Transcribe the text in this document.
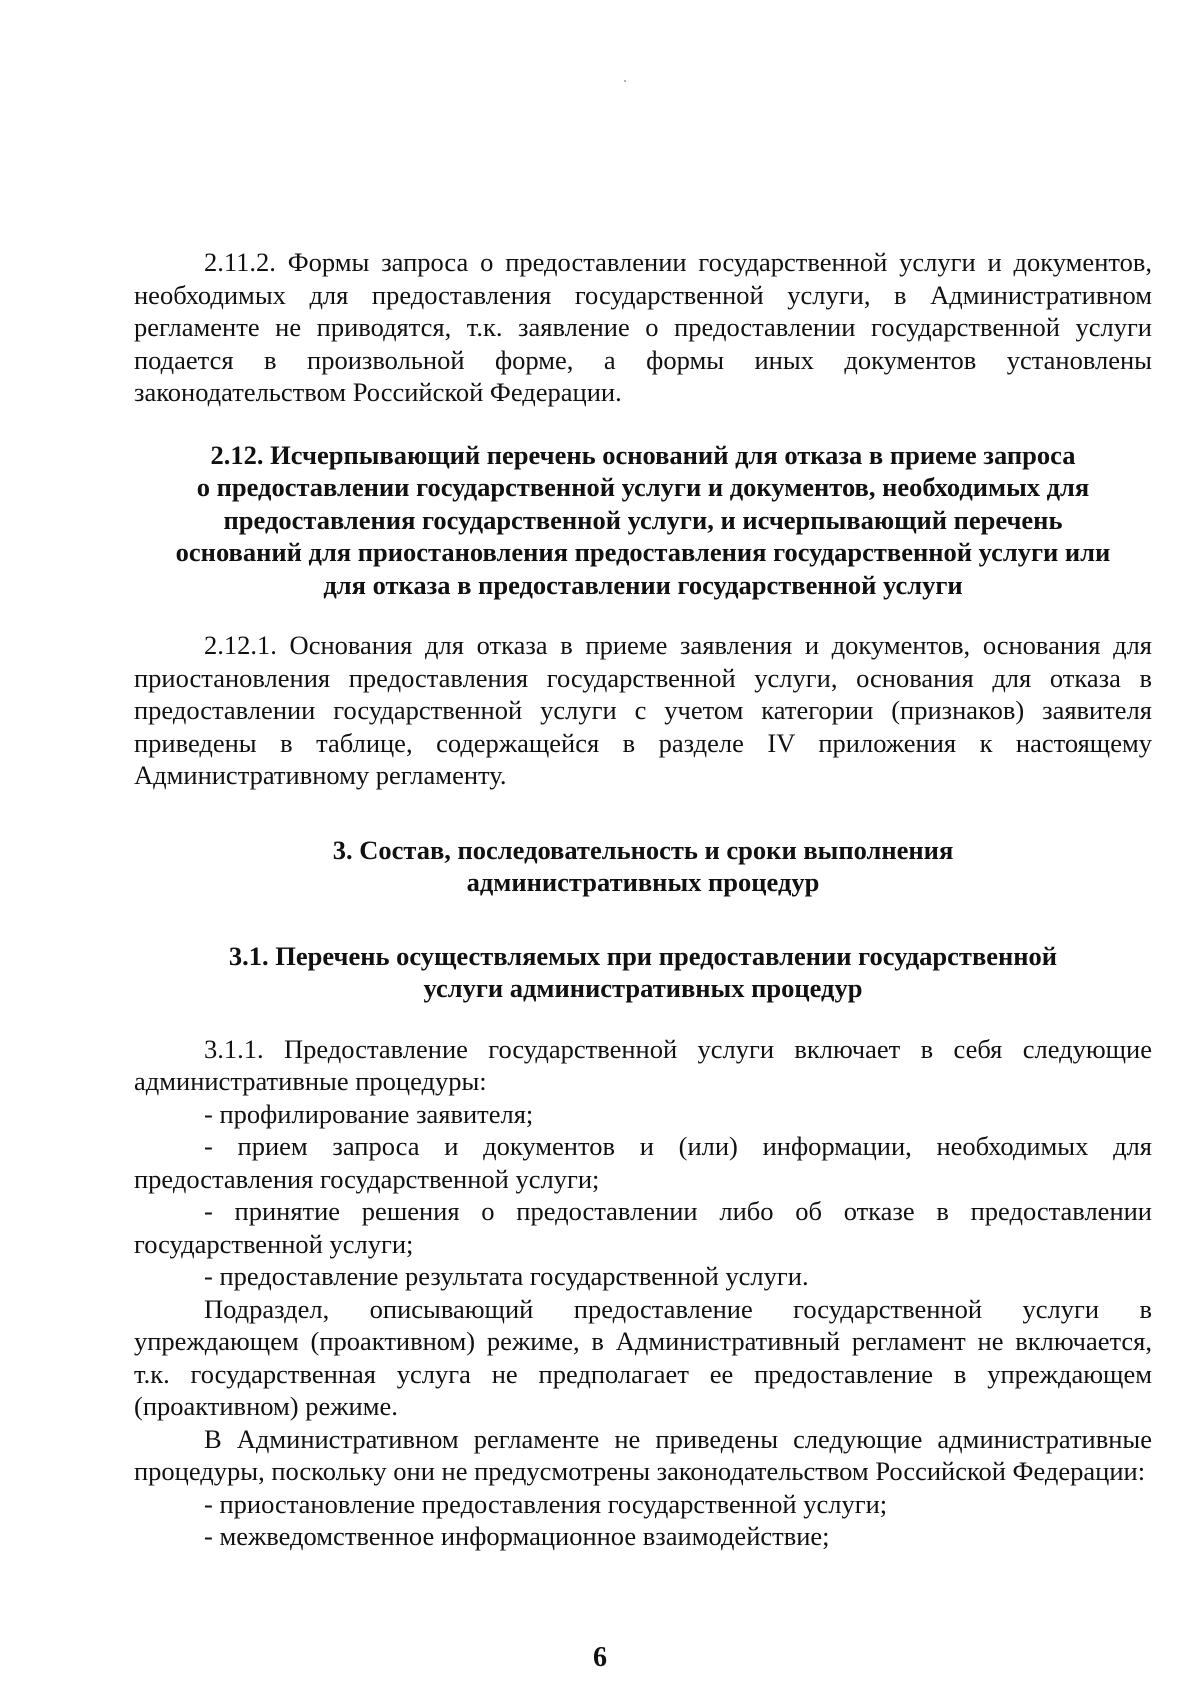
2.11.2. Формы запроса о предоставлении государственной услуги и документов, необходимых для предоставления государственной услуги, в Административном регламенте не приводятся, т.к. заявление о предоставлении государственной услуги подается в произвольной форме, а формы иных документов установлены законодательством Российской Федерации.

2.12. Исчерпывающий перечень оснований для отказа в приеме запроса
о предоставлении государственной услуги и документов, необходимых для
предоставления государственной услуги, и исчерпывающий перечень
оснований для приостановления предоставления государственной услуги или
для отказа в предоставлении государственной услуги

2.12.1. Основания для отказа в приеме заявления и документов, основания для приостановления предоставления государственной услуги, основания для отказа в предоставлении государственной услуги с учетом категории (признаков) заявителя приведены в таблице, содержащейся в разделе IV приложения к настоящему Административному регламенту.

3. Состав, последовательность и сроки выполнения
административных процедур
3.1. Перечень осуществляемых при предоставлении государственной
услуги административных процедур

3.1.1. Предоставление государственной услуги включает в себя следующие административные процедуры:

- профилирование заявителя;

- прием запроса и документов и (или) информации, необходимых для предоставления государственной услуги;

- принятие решения о предоставлении либо об отказе в предоставлении государственной услуги;

- предоставление результата государственной услуги.

Подраздел, описывающий предоставление государственной услуги в упреждающем (проактивном) режиме, в Административный регламент не включается, т.к. государственная услуга не предполагает ее предоставление в упреждающем (проактивном) режиме.

В Административном регламенте не приведены следующие административные процедуры, поскольку они не предусмотрены законодательством Российской Федерации:

- приостановление предоставления государственной услуги;

- межведомственное информационное взаимодействие;

6
